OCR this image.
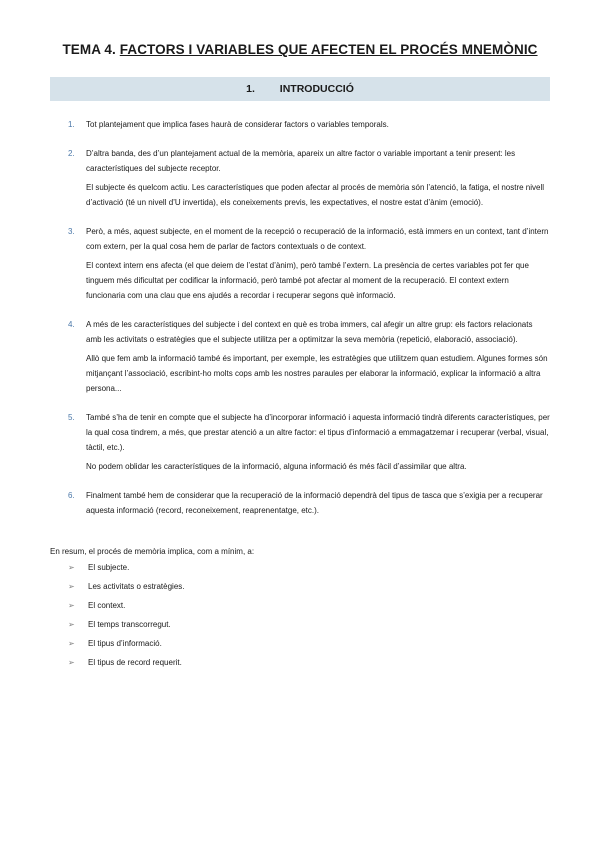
TEMA 4. FACTORS I VARIABLES QUE AFECTEN EL PROCÉS MNEMÒNIC
1. INTRODUCCIÓ
1. Tot plantejament que implica fases haurà de considerar factors o variables temporals.

2. D’altra banda, des d’un plantejament actual de la memòria, apareix un altre factor o variable important a tenir present: les característiques del subjecte receptor.

El subjecte és quelcom actiu. Les característiques que poden afectar al procés de memòria són l’atenció, la fatiga, el nostre nivell d’activació (té un nivell d’U invertida), els coneixements previs, les expectatives, el nostre estat d’ànim (emoció).

3. Però, a més, aquest subjecte, en el moment de la recepció o recuperació de la informació, està immers en un context, tant d’intern com extern, per la qual cosa hem de parlar de factors contextuals o de context.

El context intern ens afecta (el que deiem de l’estat d’ànim), però també l’extern. La presència de certes variables pot fer que tinguem més dificultat per codificar la informació, però també pot afectar al moment de la recuperació. El context extern funcionaria com una clau que ens ajudés a recordar i recuperar segons què informació.

4. A més de les característiques del subjecte i del context en què es troba immers, cal afegir un altre grup: els factors relacionats amb les activitats o estratègies que el subjecte utilitza per a optimitzar la seva memòria (repetició, elaboració, associació).

Allò que fem amb la informació també és important, per exemple, les estratègies que utilitzem quan estudiem. Algunes formes són mitjançant l’associació, escribint-ho molts cops amb les nostres paraules per elaborar la informació, explicar la informació a altra persona...

5. També s’ha de tenir en compte que el subjecte ha d’incorporar informació i aquesta informació tindrà diferents característiques, per la qual cosa tindrem, a més, que prestar atenció a un altre factor: el tipus d’informació a emmagatzemar i recuperar (verbal, visual, tàctil, etc.).

No podem oblidar les característiques de la informació, alguna informació és més fàcil d’assimilar que altra.

6. Finalment també hem de considerar que la recuperació de la informació dependrà del tipus de tasca que s’exigia per a recuperar aquesta informació (record, reconeixement, reaprenentatge, etc.).

En resum, el procés de memòria implica, com a mínim, a:
➢ El subjecte.
➢ Les activitats o estratègies.
➢ El context.
➢ El temps transcorregut.
➢ El tipus d’informació.
➢ El tipus de record requerit.
